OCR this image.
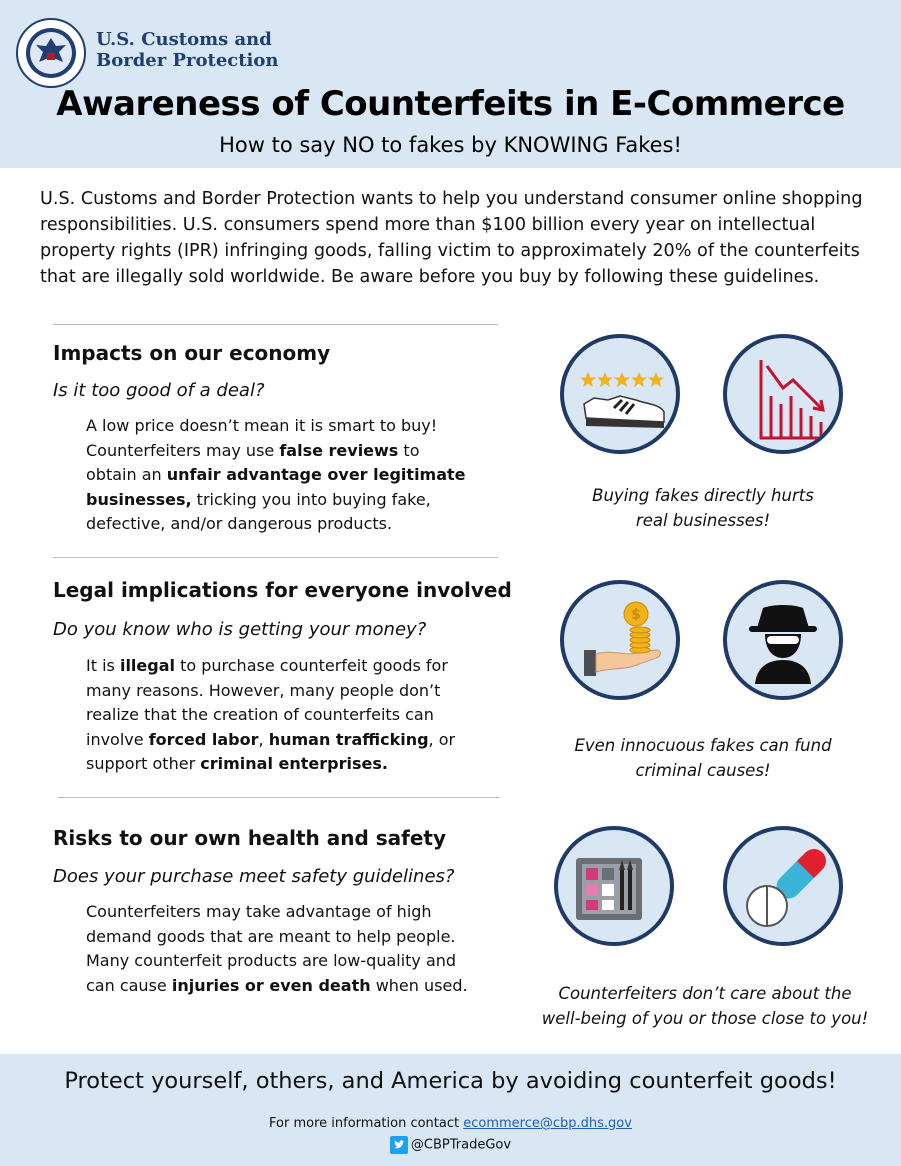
U.S. Customs and
Border Protection
Awareness of Counterfeits in E-Commerce
How to say NO to fakes by KNOWING Fakes!
U.S. Customs and Border Protection wants to help you understand consumer online shopping responsibilities. U.S. consumers spend more than $100 billion every year on intellectual property rights (IPR) infringing goods, falling victim to approximately 20% of the counterfeits that are illegally sold worldwide. Be aware before you buy by following these guidelines.
Impacts on our economy
Is it too good of a deal?
A low price doesn’t mean it is smart to buy! Counterfeiters may use false reviews to obtain an unfair advantage over legitimate businesses, tricking you into buying fake, defective, and/or dangerous products.
Buying fakes directly hurts
real businesses!
Legal implications for everyone involved
Do you know who is getting your money?
It is illegal to purchase counterfeit goods for many reasons. However, many people don’t realize that the creation of counterfeits can involve forced labor, human trafficking, or support other criminal enterprises.
$
Even innocuous fakes can fund
criminal causes!
Risks to our own health and safety
Does your purchase meet safety guidelines?
Counterfeiters may take advantage of high demand goods that are meant to help people. Many counterfeit products are low-quality and can cause injuries or even death when used.	Counterfeiters don’t care about the
well-being of you or those close to you!
Protect yourself, others, and America by avoiding counterfeit goods!
For more information contact ecommerce@cbp.dhs.gov
@CBPTradeGov
